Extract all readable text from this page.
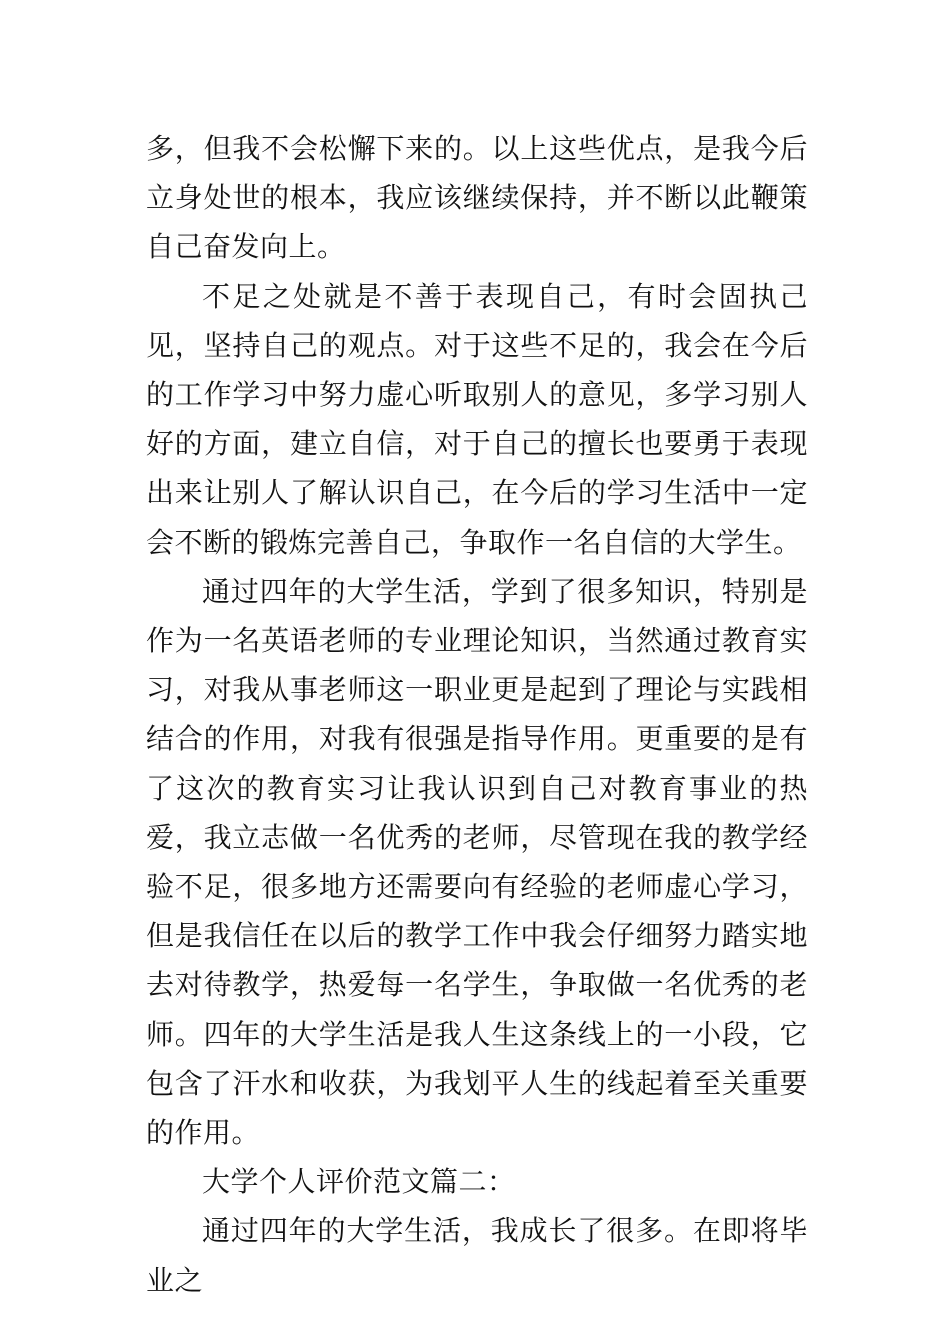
多，但我不会松懈下来的。以上这些优点，是我今后立身处世的根本，我应该继续保持，并不断以此鞭策自己奋发向上。

不足之处就是不善于表现自己，有时会固执己见，坚持自己的观点。对于这些不足的，我会在今后的工作学习中努力虚心听取别人的意见，多学习别人好的方面，建立自信，对于自己的擅长也要勇于表现出来让别人了解认识自己，在今后的学习生活中一定会不断的锻炼完善自己，争取作一名自信的大学生。

通过四年的大学生活，学到了很多知识，特别是作为一名英语老师的专业理论知识，当然通过教育实习，对我从事老师这一职业更是起到了理论与实践相结合的作用，对我有很强是指导作用。更重要的是有了这次的教育实习让我认识到自己对教育事业的热爱，我立志做一名优秀的老师，尽管现在我的教学经验不足，很多地方还需要向有经验的老师虚心学习，但是我信任在以后的教学工作中我会仔细努力踏实地去对待教学，热爱每一名学生，争取做一名优秀的老师。四年的大学生活是我人生这条线上的一小段，它包含了汗水和收获，为我划平人生的线起着至关重要的作用。

大学个人评价范文篇二：

通过四年的大学生活，我成长了很多。在即将毕业之
